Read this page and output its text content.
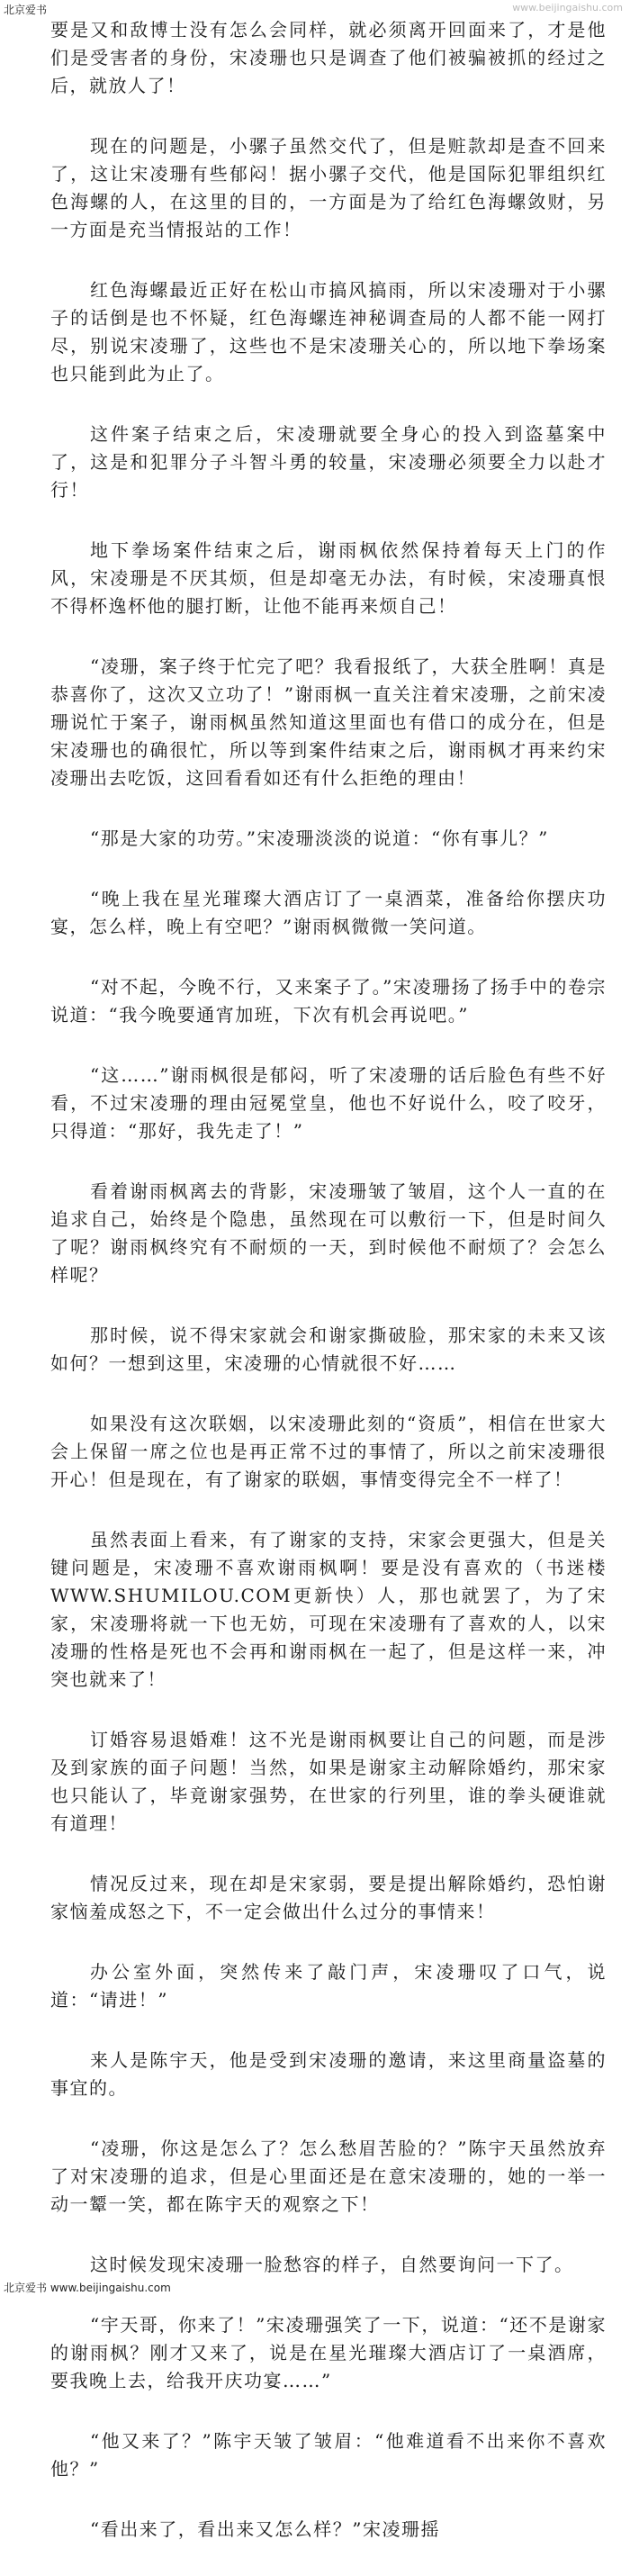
北京爱书	www.beijingaishu.com

要是又和敌博士没有怎么会同样，就必须离开回面来了，才是他们是受害者的身份，宋凌珊也只是调查了他们被骗被抓的经过之后，就放人了！

现在的问题是，小骡子虽然交代了，但是赃款却是查不回来了，这让宋凌珊有些郁闷！据小骡子交代，他是国际犯罪组织红色海螺的人，在这里的目的，一方面是为了给红色海螺敛财，另一方面是充当情报站的工作！

红色海螺最近正好在松山市搞风搞雨，所以宋凌珊对于小骡子的话倒是也不怀疑，红色海螺连神秘调查局的人都不能一网打尽，别说宋凌珊了，这些也不是宋凌珊关心的，所以地下拳场案也只能到此为止了。

这件案子结束之后，宋凌珊就要全身心的投入到盗墓案中了，这是和犯罪分子斗智斗勇的较量，宋凌珊必须要全力以赴才行！

地下拳场案件结束之后，谢雨枫依然保持着每天上门的作风，宋凌珊是不厌其烦，但是却毫无办法，有时候，宋凌珊真恨不得杯逸杯他的腿打断，让他不能再来烦自己！

“凌珊，案子终于忙完了吧？我看报纸了，大获全胜啊！真是恭喜你了，这次又立功了！”谢雨枫一直关注着宋凌珊，之前宋凌珊说忙于案子，谢雨枫虽然知道这里面也有借口的成分在，但是宋凌珊也的确很忙，所以等到案件结束之后，谢雨枫才再来约宋凌珊出去吃饭，这回看看如还有什么拒绝的理由！

“那是大家的功劳。”宋凌珊淡淡的说道：“你有事儿？”

“晚上我在星光璀璨大酒店订了一桌酒菜，准备给你摆庆功宴，怎么样，晚上有空吧？”谢雨枫微微一笑问道。

“对不起，今晚不行，又来案子了。”宋凌珊扬了扬手中的卷宗说道：“我今晚要通宵加班，下次有机会再说吧。”

“这……”谢雨枫很是郁闷，听了宋凌珊的话后脸色有些不好看，不过宋凌珊的理由冠冕堂皇，他也不好说什么，咬了咬牙，只得道：“那好，我先走了！”

看着谢雨枫离去的背影，宋凌珊皱了皱眉，这个人一直的在追求自己，始终是个隐患，虽然现在可以敷衍一下，但是时间久了呢？谢雨枫终究有不耐烦的一天，到时候他不耐烦了？会怎么样呢？

那时候，说不得宋家就会和谢家撕破脸，那宋家的未来又该如何？一想到这里，宋凌珊的心情就很不好……

如果没有这次联姻，以宋凌珊此刻的“资质”，相信在世家大会上保留一席之位也是再正常不过的事情了，所以之前宋凌珊很开心！但是现在，有了谢家的联姻，事情变得完全不一样了！

虽然表面上看来，有了谢家的支持，宋家会更强大，但是关键问题是，宋凌珊不喜欢谢雨枫啊！要是没有喜欢的（书迷楼WWW.SHUMILOU.COM更新快）人，那也就罢了，为了宋家，宋凌珊将就一下也无妨，可现在宋凌珊有了喜欢的人，以宋凌珊的性格是死也不会再和谢雨枫在一起了，但是这样一来，冲突也就来了！

订婚容易退婚难！这不光是谢雨枫要让自己的问题，而是涉及到家族的面子问题！当然，如果是谢家主动解除婚约，那宋家也只能认了，毕竟谢家强势，在世家的行列里，谁的拳头硬谁就有道理！

情况反过来，现在却是宋家弱，要是提出解除婚约，恐怕谢家恼羞成怒之下，不一定会做出什么过分的事情来！

办公室外面，突然传来了敲门声，宋凌珊叹了口气，说道：“请进！”

来人是陈宇天，他是受到宋凌珊的邀请，来这里商量盗墓的事宜的。

“凌珊，你这是怎么了？怎么愁眉苦脸的？”陈宇天虽然放弃了对宋凌珊的追求，但是心里面还是在意宋凌珊的，她的一举一动一颦一笑，都在陈宇天的观察之下！

这时候发现宋凌珊一脸愁容的样子，自然要询问一下了。

“宇天哥，你来了！”宋凌珊强笑了一下，说道：“还不是谢家的谢雨枫？刚才又来了，说是在星光璀璨大酒店订了一桌酒席，要我晚上去，给我开庆功宴……”

“他又来了？”陈宇天皱了皱眉：“他难道看不出来你不喜欢他？”

“看出来了，看出来又怎么样？”宋凌珊摇

北京爱书 www.beijingaishu.com
